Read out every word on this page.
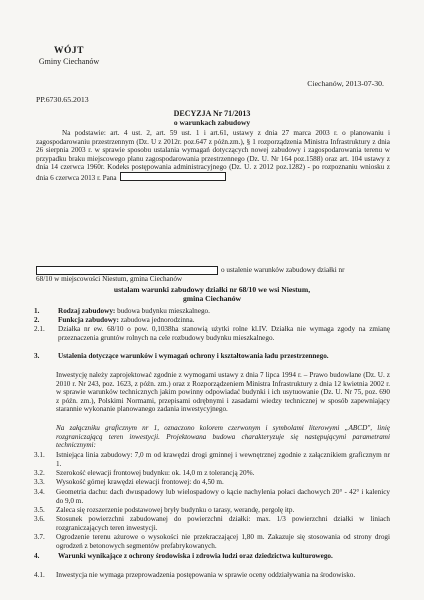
WÓJT
Gminy Ciechanów
Ciechanów, 2013-07-30.
PP.6730.65.2013
DECYZJA Nr 71/2013
o warunkach zabudowy

Na podstawie: art. 4 ust. 2, art. 59 ust. 1 i art.61, ustawy z dnia 27 marca 2003 r. o planowaniu i zagospodarowaniu przestrzennym (Dz. U z 2012r. poz.647 z późn.zm.), § 1 rozporządzenia Ministra Infrastruktury z dnia 26 sierpnia 2003 r. w sprawie sposobu ustalania wymagań dotyczących nowej zabudowy i zagospodarowania terenu w przypadku braku miejscowego planu zagospodarowania przestrzennego (Dz. U. Nr 164 poz.1588) oraz art. 104 ustawy z dnia 14 czerwca 1960r. Kodeks postępowania administracyjnego (Dz. U. z 2012 poz.1282) - po rozpoznaniu wniosku z dnia 6 czerwca 2013 r. Pana

o ustalenie warunków zabudowy działki nr
68/10 w miejscowości Niestum, gmina Ciechanów
ustalam warunki zabudowy działki nr 68/10 we wsi Niestum,
gmina Ciechanów
1.	Rodzaj zabudowy: budowa budynku mieszkalnego.
2.	Funkcja zabudowy: zabudowa jednorodzinna.
2.1.	Działka nr ew. 68/10 o pow. 0,1038ha stanowią użytki rolne kl.IV. Działka nie wymaga zgody na zmianę przeznaczenia gruntów rolnych na cele rozbudowy budynku mieszkalnego.
3.	Ustalenia dotyczące warunków i wymagań ochrony i kształtowania ładu przestrzennego.

Inwestycję należy zaprojektować zgodnie z wymogami ustawy z dnia 7 lipca 1994 r. – Prawo budowlane (Dz. U. z 2010 r. Nr 243, poz. 1623, z późn. zm.) oraz z Rozporządzeniem Ministra Infrastruktury z dnia 12 kwietnia 2002 r. w sprawie warunków technicznych jakim powinny odpowiadać budynki i ich usytuowanie (Dz. U. Nr 75, poz. 690 z późn. zm.), Polskimi Normami, przepisami odrębnymi i zasadami wiedzy technicznej w sposób zapewniający starannie wykonanie planowanego zadania inwestycyjnego.

Na załączniku graficznym nr 1, oznaczono kolorem czerwonym i symbolami literowymi „ABCD", linię rozgraniczającą teren inwestycji. Projektowana budowa charakteryzuje się następującymi parametrami technicznymi:

3.1.	Istniejąca linia zabudowy: 7,0 m od krawędzi drogi gminnej i wewnętrznej zgodnie z załącznikiem graficznym nr 1.
3.2.	Szerokość elewacji frontowej budynku: ok. 14,0 m z tolerancją 20%.
3.3.	Wysokość górnej krawędzi elewacji frontowej: do 4,50 m.
3.4.	Geometria dachu: dach dwuspadowy lub wielospadowy o kącie nachylenia połaci dachowych 20° - 42° i kalenicy do 9,0 m.
3.5.	Zaleca się rozszerzenie podstawowej bryły budynku o tarasy, werandę, pergolę itp.
3.6.	Stosunek powierzchni zabudowanej do powierzchni działki: max. 1/3 powierzchni działki w liniach rozgraniczających teren inwestycji.
3.7.	Ogrodzenie terenu ażurowe o wysokości nie przekraczającej 1,80 m. Zakazuje się stosowania od strony drogi ogrodzeń z betonowych segmentów prefabrykowanych.
4.	Warunki wynikające z ochrony środowiska i zdrowia ludzi oraz dziedzictwa kulturowego.
4.1.	Inwestycja nie wymaga przeprowadzenia postępowania w sprawie oceny oddziaływania na środowisko.
